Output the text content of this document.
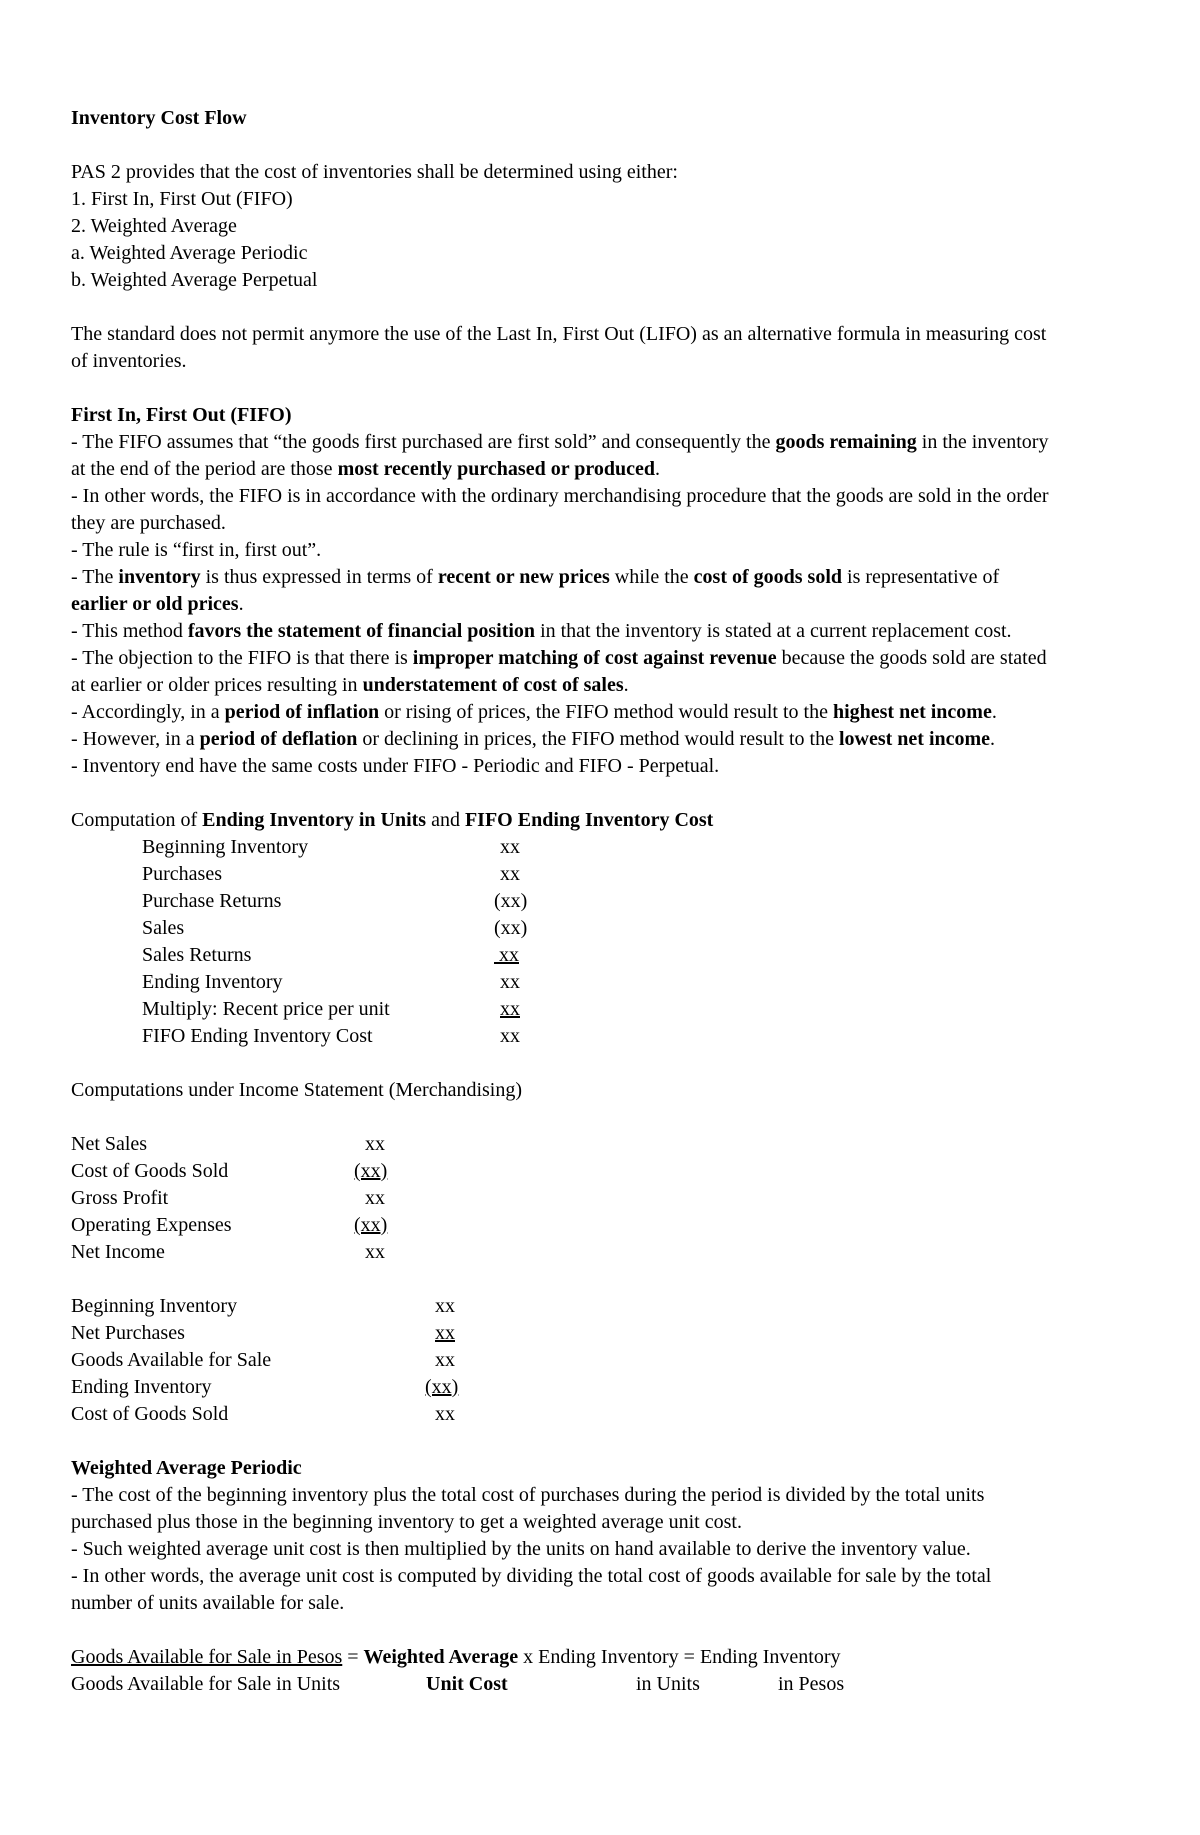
Inventory Cost Flow
PAS 2 provides that the cost of inventories shall be determined using either:
1. First In, First Out (FIFO)
2. Weighted Average
a. Weighted Average Periodic
b. Weighted Average Perpetual
The standard does not permit anymore the use of the Last In, First Out (LIFO) as an alternative formula in measuring cost
of inventories.
First In, First Out (FIFO)
- The FIFO assumes that “the goods first purchased are first sold” and consequently the goods remaining in the inventory
at the end of the period are those most recently purchased or produced.
- In other words, the FIFO is in accordance with the ordinary merchandising procedure that the goods are sold in the order
they are purchased.
- The rule is “first in, first out”.
- The inventory is thus expressed in terms of recent or new prices while the cost of goods sold is representative of
earlier or old prices.
- This method favors the statement of financial position in that the inventory is stated at a current replacement cost.
- The objection to the FIFO is that there is improper matching of cost against revenue because the goods sold are stated
at earlier or older prices resulting in understatement of cost of sales.
- Accordingly, in a period of inflation or rising of prices, the FIFO method would result to the highest net income.
- However, in a period of deflation or declining in prices, the FIFO method would result to the lowest net income.
- Inventory end have the same costs under FIFO - Periodic and FIFO - Perpetual.
Computation of Ending Inventory in Units and FIFO Ending Inventory Cost
Beginning Inventory	xx
Purchases	xx
Purchase Returns	(xx)
Sales	(xx)
Sales Returns	xx
Ending Inventory	xx
Multiply: Recent price per unit	xx
FIFO Ending Inventory Cost	xx
Computations under Income Statement (Merchandising)
Net Sales	xx
Cost of Goods Sold	(xx)
Gross Profit	xx
Operating Expenses	(xx)
Net Income	xx
Beginning Inventory	xx
Net Purchases	xx
Goods Available for Sale	xx
Ending Inventory	(xx)
Cost of Goods Sold	xx
Weighted Average Periodic
- The cost of the beginning inventory plus the total cost of purchases during the period is divided by the total units
purchased plus those in the beginning inventory to get a weighted average unit cost.
- Such weighted average unit cost is then multiplied by the units on hand available to derive the inventory value.
- In other words, the average unit cost is computed by dividing the total cost of goods available for sale by the total
number of units available for sale.
Goods Available for Sale in Pesos = Weighted Average x Ending Inventory = Ending Inventory
Goods Available for Sale in Units	Unit Cost	in Units	in Pesos
